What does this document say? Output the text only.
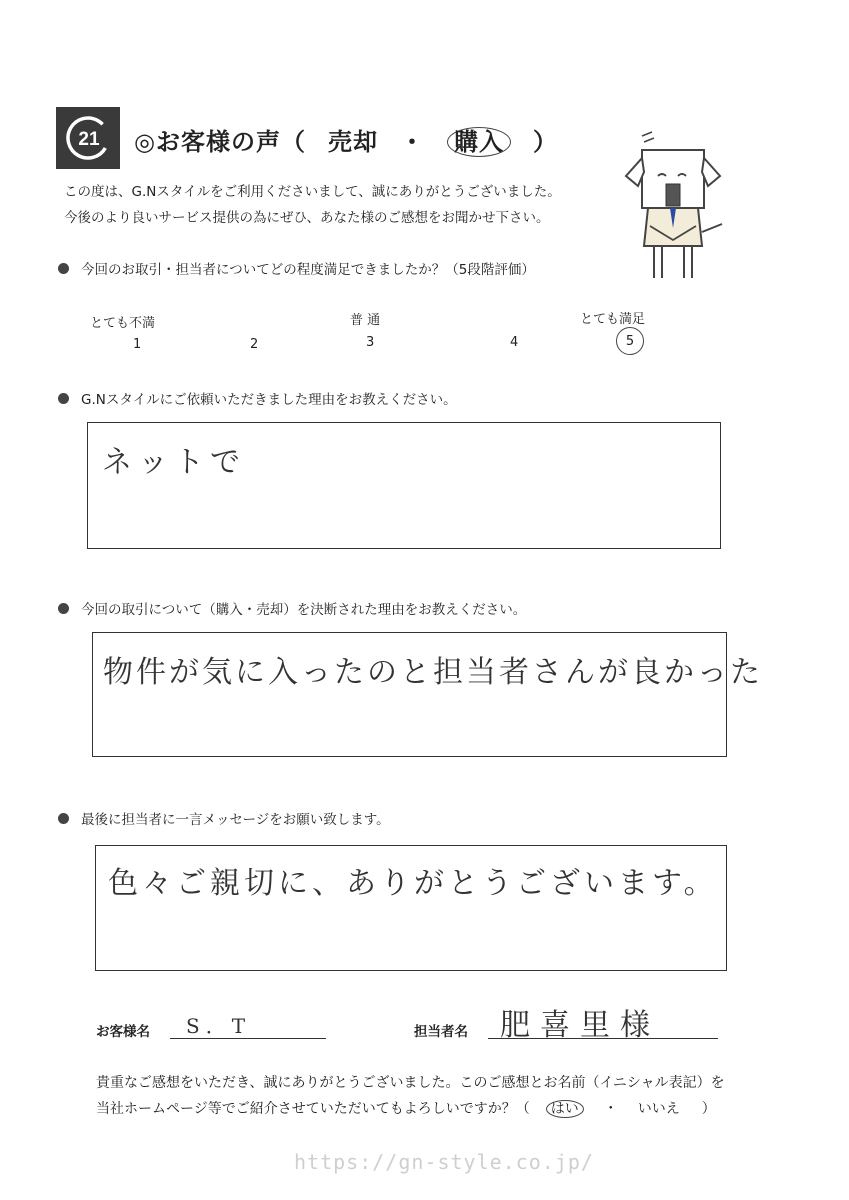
21 ◎お客様の声（ 売却 ・ 購入 ）
この度は、G.Nスタイルをご利用くださいまして、誠にありがとうございました。
今後のより良いサービス提供の為にぜひ、あなた様のご感想をお聞かせ下さい。
今回のお取引・担当者についてどの程度満足できましたか？（5段階評価）
とても不満	普 通	とても満足
1	2	3	4	5
G.Nスタイルにご依頼いただきました理由をお教えください。
ネットで
今回の取引について（購入・売却）を決断された理由をお教えください。
物件が気に入ったのと担当者さんが良かった
最後に担当者に一言メッセージをお願い致します。
色々ご親切に、ありがとうございます。
お客様名 S．T	担当者名 肥喜里様
貴重なご感想をいただき、誠にありがとうございました。このご感想とお名前（イニシャル表記）を
当社ホームページ等でご紹介させていただいてもよろしいですか？（ はい ・ いいえ ）
https://gn-style.co.jp/
